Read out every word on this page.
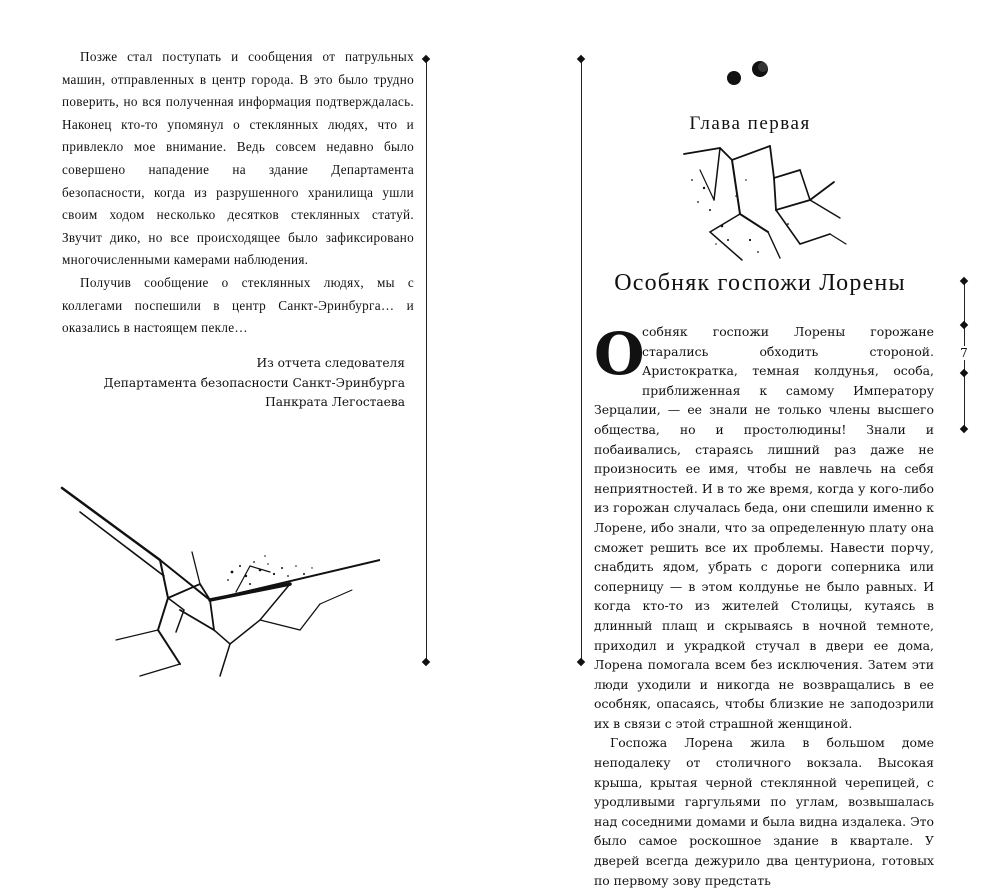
Позже стал поступать и сообщения от патрульных машин, отправленных в центр города. В это было трудно поверить, но вся полученная информация подтверждалась. Наконец кто-то упомянул о стеклянных людях, что и привлекло мое внимание. Ведь совсем недавно было совершено нападение на здание Департамента безопасности, когда из разрушенного хранилища ушли своим ходом несколько десятков стеклянных статуй. Звучит дико, но все происходящее было зафиксировано многочисленными камерами наблюдения.

Получив сообщение о стеклянных людях, мы с коллегами поспешили в центр Санкт-Эринбурга… и оказались в настоящем пекле…

Из отчета следователя
Департамента безопасности Санкт-Эринбурга
Панкрата Легостаева
Глава первая
Особняк госпожи Лорены

О
собняк госпожи Лорены горожане старались обходить стороной. Аристократка, темная колдунья, особа, приближенная к самому Императору Зерцалии, — ее знали не только члены высшего общества, но и простолюдины! Знали и побаивались, стараясь лишний раз даже не произносить ее имя, чтобы не навлечь на себя неприятностей. И в то же время, когда у кого-либо из горожан случалась беда, они спешили именно к Лорене, ибо знали, что за определенную плату она сможет решить все их проблемы. Навести порчу, снабдить ядом, убрать с дороги соперника или соперницу — в этом колдунье не было равных. И когда кто-то из жителей Столицы, кутаясь в длинный плащ и скрываясь в ночной темноте, приходил и украдкой стучал в двери ее дома, Лорена помогала всем без исключения. Затем эти люди уходили и никогда не возвращались в ее особняк, опасаясь, чтобы близкие не заподозрили их в связи с этой страшной женщиной.

Госпожа Лорена жила в большом доме неподалеку от столичного вокзала. Высокая крыша, крытая черной стеклянной черепицей, с уродливыми гаргульями по углам, возвышалась над соседними домами и была видна издалека. Это было самое роскошное здание в квартале. У дверей всегда дежурило два центуриона, готовых по первому зову предстать

7
